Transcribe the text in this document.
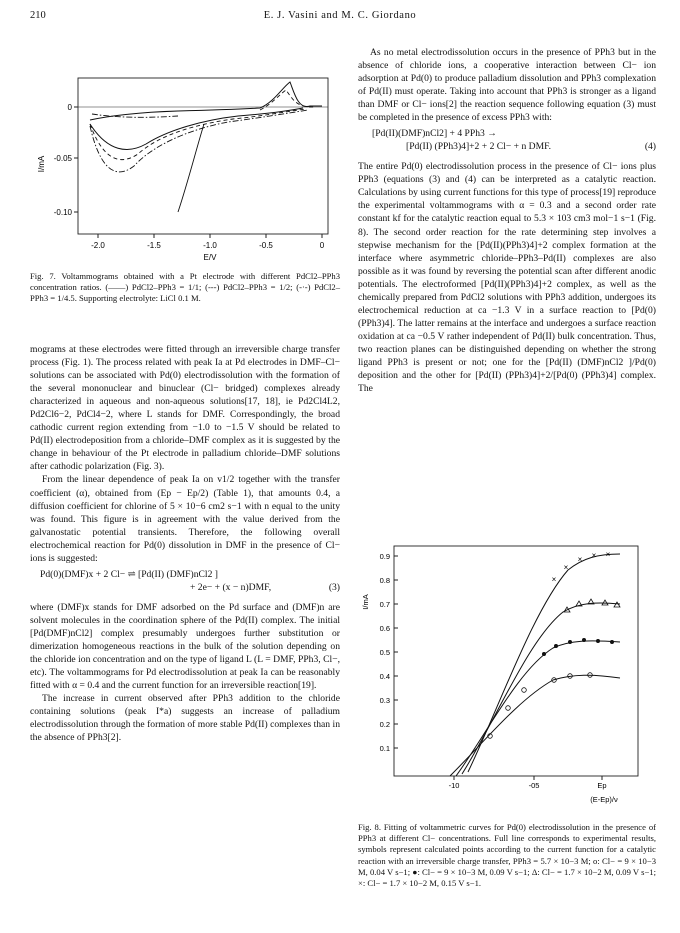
210	E. J. Vasini and M. C. Giordano
0
-0.05
-0.10
I/mA
-2.0	-1.5	-1.0	-0.5	0
E/V
Fig. 7. Voltammograms obtained with a Pt electrode with different PdCl2–PPh3 concentration ratios. (——) PdCl2–PPh3 = 1/1; (---) PdCl2–PPh3 = 1/2; (-·-) PdCl2–PPh3 = 1/4.5. Supporting electrolyte: LiCl 0.1 M.

mograms at these electrodes were fitted through an irreversible charge transfer process (Fig. 1). The process related with peak Ia at Pd electrodes in DMF–Cl− solutions can be associated with Pd(0) electrodissolution with the formation of the several mononuclear and binuclear (Cl− bridged) complexes already characterized in aqueous and non-aqueous solutions[17, 18], ie Pd2Cl4L2, Pd2Cl6−2, PdCl4−2, where L stands for DMF. Correspondingly, the broad cathodic current region extending from −1.0 to −1.5 V should be related to Pd(II) electrodeposition from a chloride–DMF complex as it is suggested by the change in behaviour of the Pt electrode in palladium chloride–DMF solutions after cathodic polarization (Fig. 3).

From the linear dependence of peak Ia on v1/2 together with the transfer coefficient (α), obtained from (Ep − Ep/2) (Table 1), that amounts 0.4, a diffusion coefficient for chlorine of 5 × 10−6 cm2 s−1 with n equal to the unity was found. This figure is in agreement with the value derived from the galvanostatic potential transients. Therefore, the following overall electrochemical reaction for Pd(0) dissolution in DMF in the presence of Cl− ions is suggested:

Pd(0)(DMF)x + 2 Cl− ⇌ [Pd(II) (DMF)nCl2 ]
+ 2e− + (x − n)DMF,	(3)

where (DMF)x stands for DMF adsorbed on the Pd surface and (DMF)n are solvent molecules in the coordination sphere of the Pd(II) complex. The initial [Pd(DMF)nCl2] complex presumably undergoes further substitution or dimerization homogeneous reactions in the bulk of the solution depending on the chloride ion concentration and on the type of ligand L (L = DMF, PPh3, Cl−, etc). The voltammograms for Pd electrodissolution at peak Ia can be reasonably fitted with α = 0.4 and the current function for an irreversible reaction[19].

The increase in current observed after PPh3 addition to the chloride containing solutions (peak I*a) suggests an increase of palladium electrodissolution through the formation of more stable Pd(II) complexes than in the absence of PPh3[2].

As no metal electrodissolution occurs in the presence of PPh3 but in the absence of chloride ions, a cooperative interaction between Cl− ion adsorption at Pd(0) to produce palladium dissolution and PPh3 complexation of Pd(II) must operate. Taking into account that PPh3 is stronger as a ligand than DMF or Cl− ions[2] the reaction sequence following equation (3) must be completed in the presence of excess PPh3 with:

[Pd(II)(DMF)nCl2] + 4 PPh3 →
[Pd(II) (PPh3)4]+2 + 2 Cl− + n DMF.	(4)

The entire Pd(0) electrodissolution process in the presence of Cl− ions plus PPh3 (equations (3) and (4) can be interpreted as a catalytic reaction. Calculations by using current functions for this type of process[19] reproduce the experimental voltammograms with α = 0.3 and a second order rate constant kf for the catalytic reaction equal to 5.3 × 103 cm3 mol−1 s−1 (Fig. 8). The second order reaction for the rate determining step involves a stepwise mechanism for the [Pd(II)(PPh3)4]+2 complex formation at the interface where asymmetric chloride–PPh3–Pd(II) complexes are also possible as it was found by reversing the potential scan after different anodic potentials. The electroformed [Pd(II)(PPh3)4]+2 complex, as well as the chemically prepared from PdCl2 solutions with PPh3 addition, undergoes its electrochemical reduction at ca −1.3 V in a surface reaction to [Pd(0) (PPh3)4]. The latter remains at the interface and undergoes a surface reaction oxidation at ca −0.5 V rather independent of Pd(II) bulk concentration. Thus, two reaction planes can be distinguished depending on whether the strong ligand PPh3 is present or not; one for the [Pd(II) (DMF)nCl2 ]/Pd(0) deposition and the other for [Pd(II) (PPh3)4]+2/[Pd(0) (PPh3)4] complex. The

0.9
0.8
0.7
0.6
0.5
0.4
0.3
0.2
0.1
I/mA
-10	-05	Ep
(E-Ep)/ν
×
×
× × ×
Fig. 8. Fitting of voltammetric curves for Pd(0) electrodissolution in the presence of PPh3 at different Cl− concentrations. Full line corresponds to experimental results, symbols represent calculated points according to the current function for a catalytic reaction with an irreversible charge transfer, PPh3 = 5.7 × 10−3 M; o: Cl− = 9 × 10−3 M, 0.04 V s−1; ●: Cl− = 9 × 10−3 M, 0.09 V s−1; Δ: Cl− = 1.7 × 10−2 M, 0.09 V s−1; ×: Cl− = 1.7 × 10−2 M, 0.15 V s−1.
